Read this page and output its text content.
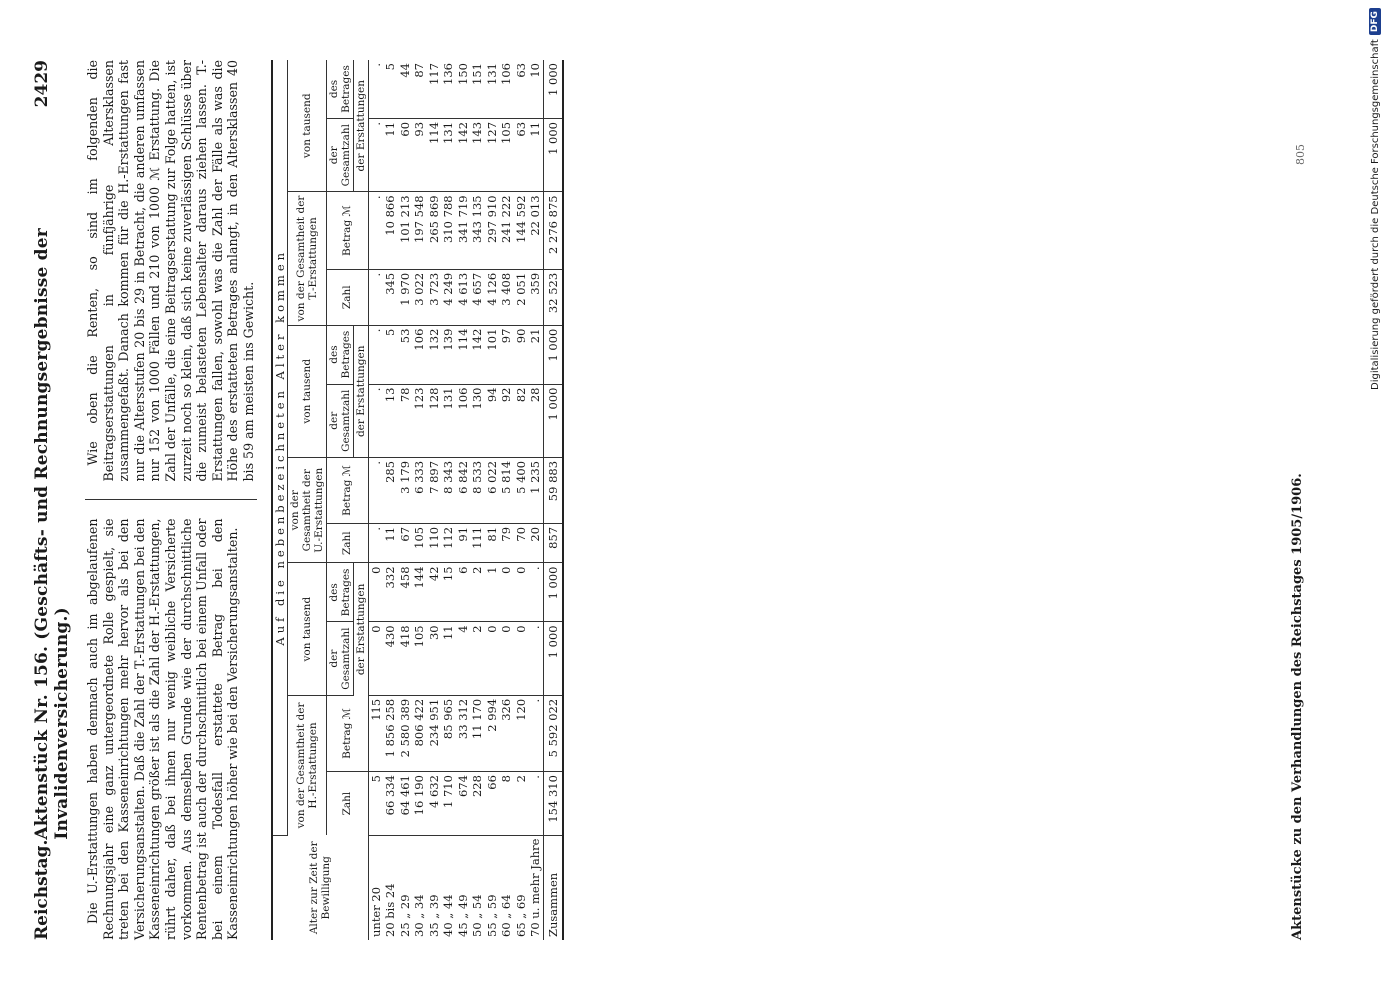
Reichstag.
Aktenstück Nr. 156. (Geschäfts- und Rechnungsergebnisse der Invalidenversicherung.)
2429

Die U.-Erstattungen haben demnach auch im abgelaufenen Rechnungsjahr eine ganz untergeordnete Rolle gespielt, sie treten bei den Kasseneinrichtungen mehr hervor als bei den Versicherungsanstalten. Daß die Zahl der T.-Erstattungen bei den Kasseneinrichtungen größer ist als die Zahl der H.-Erstattungen, rührt daher, daß bei ihnen nur wenig weibliche Versicherte vorkommen. Aus demselben Grunde wie der durchschnittliche Rentenbetrag ist auch der durchschnittlich bei einem Unfall oder bei einem Todesfall erstattete Betrag bei den Kasseneinrichtungen höher wie bei den Versicherungsanstalten.

Wie oben die Renten, so sind im folgenden die Beitragserstattungen in fünfjährige Altersklassen zusammengefaßt. Danach kommen für die H.-Erstattungen fast nur die Altersstufen 20 bis 29 in Betracht, die anderen umfassen nur 152 von 1000 Fällen und 210 von 1000 ℳ Erstattung. Die Zahl der Unfälle, die eine Beitragserstattung zur Folge hatten, ist zurzeit noch so klein, daß sich keine zuverlässigen Schlüsse über die zumeist belasteten Lebensalter daraus ziehen lassen. T.-Erstattungen fallen, sowohl was die Zahl der Fälle als was die Höhe des erstatteten Betrages anlangt, in den Altersklassen 40 bis 59 am meisten ins Gewicht.

Alter zur Zeit der Bewilligung	Auf die nebenbezeichneten Alter kommen											
	von der Gesamtheit der H.-Erstattungen		von tausend		von der Gesamtheit der U.-Erstattungen		von tausend		von der Gesamtheit der T.-Erstattungen		von tausend	
	Zahl	Betrag ℳ	der Gesamtzahl	des Betrages	Zahl	Betrag ℳ	der Gesamtzahl	des Betrages	Zahl	Betrag ℳ	der Gesamtzahl	des Betrages
			der Erstattungen				der Erstattungen				der Erstattungen	
unter 20	5	115	0	0	.	.	.	.	.	.	.	.
20 bis 24	66 334	1 856 258	430	332	11	285	13	5	345	10 866	11	5
25 „ 29	64 461	2 580 389	418	458	67	3 179	78	53	1 970	101 213	60	44
30 „ 34	16 190	806 422	105	144	105	6 333	123	106	3 022	197 548	93	87
35 „ 39	4 632	234 951	30	42	110	7 897	128	132	3 723	265 869	114	117
40 „ 44	1 710	85 965	11	15	112	8 343	131	139	4 249	310 788	131	136
45 „ 49	674	33 312	4	6	91	6 842	106	114	4 613	341 719	142	150
50 „ 54	228	11 170	2	2	111	8 533	130	142	4 657	343 135	143	151
55 „ 59	66	2 994	0	1	81	6 022	94	101	4 126	297 910	127	131
60 „ 64	8	326	0	0	79	5 814	92	97	3 408	241 222	105	106
65 „ 69	2	120	0	0	70	5 400	82	90	2 051	144 592	63	63
70 u. mehr Jahre	.	.	.	.	20	1 235	28	21	359	22 013	11	10
Zusammen	154 310	5 592 022	1 000	1 000	857	59 883	1 000	1 000	32 523	2 276 875	1 000	1 000
805
Aktenstücke zu den Verhandlungen des Reichstages 1905/1906.
Digitalisierung gefördert durch die Deutsche Forschungsgemeinschaft
DFG
